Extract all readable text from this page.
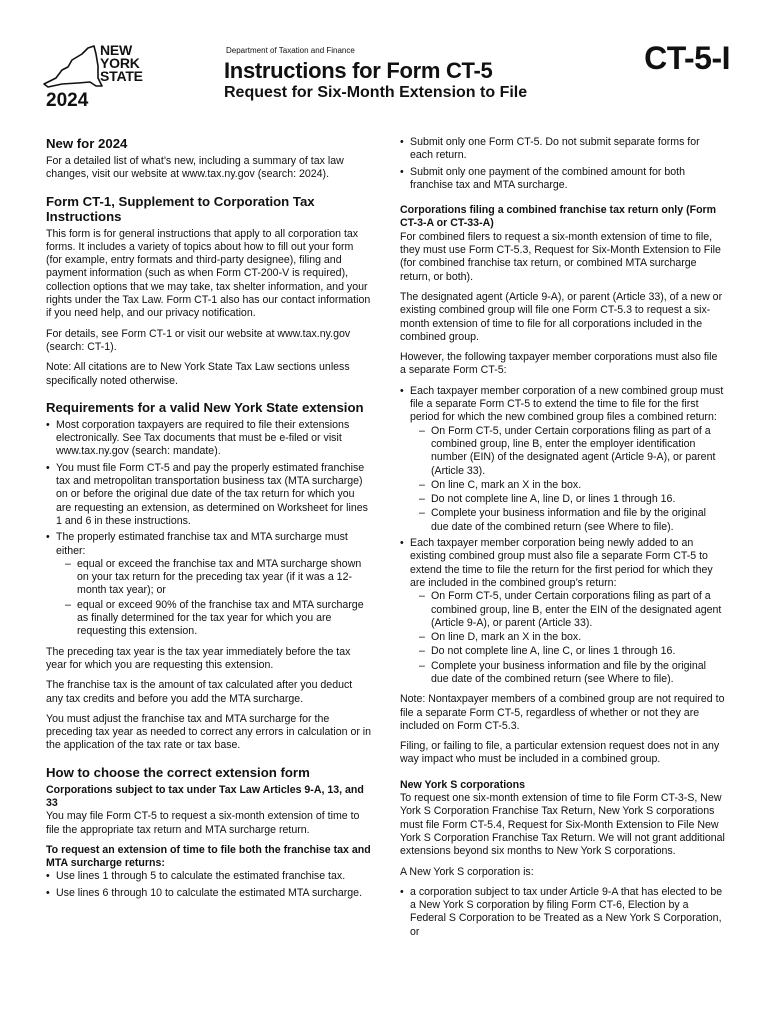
NEW
YORK
STATE
2024
Department of Taxation and Finance
Instructions for Form CT-5
Request for Six-Month Extension to File
CT-5-I
New for 2024

For a detailed list of what’s new, including a summary of tax law changes, visit our website at www.tax.ny.gov (search: 2024).

Form CT-1, Supplement to Corporation Tax Instructions

This form is for general instructions that apply to all corporation tax forms. It includes a variety of topics about how to fill out your form (for example, entry formats and third-party designee), filing and payment information (such as when Form CT-200-V is required), collection options that we may take, tax shelter information, and your rights under the Tax Law. Form CT-1 also has our contact information if you need help, and our privacy notification.

For details, see Form CT-1 or visit our website at www.tax.ny.gov (search: CT-1).

Note: All citations are to New York State Tax Law sections unless specifically noted otherwise.

Requirements for a valid New York State extension
• Most corporation taxpayers are required to file their extensions electronically. See Tax documents that must be e-filed or visit www.tax.ny.gov (search: mandate).
• You must file Form CT-5 and pay the properly estimated franchise tax and metropolitan transportation business tax (MTA surcharge) on or before the original due date of the tax return for which you are requesting an extension, as determined on Worksheet for lines 1 and 6 in these instructions.
• The properly estimated franchise tax and MTA surcharge must either:
– equal or exceed the franchise tax and MTA surcharge shown on your tax return for the preceding tax year (if it was a 12-month tax year); or
– equal or exceed 90% of the franchise tax and MTA surcharge as finally determined for the tax year for which you are requesting this extension.

The preceding tax year is the tax year immediately before the tax year for which you are requesting this extension.

The franchise tax is the amount of tax calculated after you deduct any tax credits and before you add the MTA surcharge.

You must adjust the franchise tax and MTA surcharge for the preceding tax year as needed to correct any errors in calculation or in the application of the tax rate or tax base.

How to choose the correct extension form
Corporations subject to tax under Tax Law Articles 9-A, 13, and 33

You may file Form CT-5 to request a six-month extension of time to file the appropriate tax return and MTA surcharge return.

To request an extension of time to file both the franchise tax and MTA surcharge returns:
• Use lines 1 through 5 to calculate the estimated franchise tax.
• Use lines 6 through 10 to calculate the estimated MTA surcharge.
• Submit only one Form CT-5. Do not submit separate forms for each return.
• Submit only one payment of the combined amount for both franchise tax and MTA surcharge.
Corporations filing a combined franchise tax return only (Form CT-3-A or CT-33-A)

For combined filers to request a six-month extension of time to file, they must use Form CT-5.3, Request for Six-Month Extension to File (for combined franchise tax return, or combined MTA surcharge return, or both).

The designated agent (Article 9-A), or parent (Article 33), of a new or existing combined group will file one Form CT-5.3 to request a six-month extension of time to file for all corporations included in the combined group.

However, the following taxpayer member corporations must also file a separate Form CT-5:

• Each taxpayer member corporation of a new combined group must file a separate Form CT-5 to extend the time to file for the first period for which the new combined group files a combined return:
– On Form CT-5, under Certain corporations filing as part of a combined group, line B, enter the employer identification number (EIN) of the designated agent (Article 9-A), or parent (Article 33).
– On line C, mark an X in the box.
– Do not complete line A, line D, or lines 1 through 16.
– Complete your business information and file by the original due date of the combined return (see Where to file).
• Each taxpayer member corporation being newly added to an existing combined group must also file a separate Form CT-5 to extend the time to file the return for the first period for which they are included in the combined group’s return:
– On Form CT-5, under Certain corporations filing as part of a combined group, line B, enter the EIN of the designated agent (Article 9-A), or parent (Article 33).
– On line D, mark an X in the box.
– Do not complete line A, line C, or lines 1 through 16.
– Complete your business information and file by the original due date of the combined return (see Where to file).

Note: Nontaxpayer members of a combined group are not required to file a separate Form CT-5, regardless of whether or not they are included on Form CT-5.3.

Filing, or failing to file, a particular extension request does not in any way impact who must be included in a combined group.

New York S corporations

To request one six-month extension of time to file Form CT-3-S, New York S Corporation Franchise Tax Return, New York S corporations must file Form CT-5.4, Request for Six-Month Extension to File New York S Corporation Franchise Tax Return. We will not grant additional extensions beyond six months to New York S corporations.

A New York S corporation is:

• a corporation subject to tax under Article 9-A that has elected to be a New York S corporation by filing Form CT-6, Election by a Federal S Corporation to be Treated as a New York S Corporation, or
